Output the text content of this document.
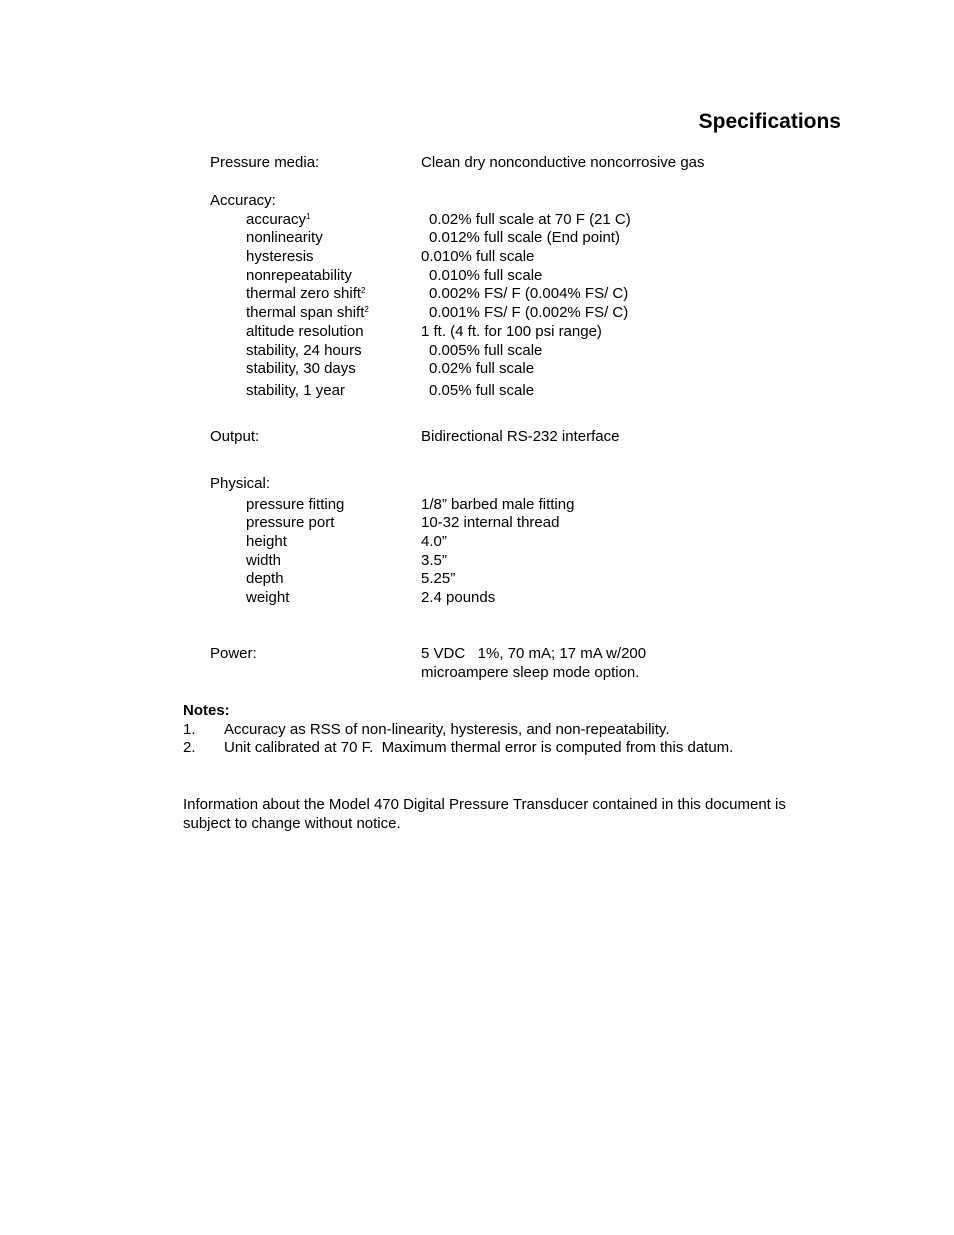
Specifications
Pressure media:	Clean dry nonconductive noncorrosive gas
Accuracy:
accuracy$^1$	0.02% full scale at 70 F (21 C)
nonlinearity	0.012% full scale (End point)
hysteresis	0.010% full scale
nonrepeatability	0.010% full scale
thermal zero shift$^2$	0.002% FS/ F (0.004% FS/ C)
thermal span shift$^2$	0.001% FS/ F (0.002% FS/ C)
altitude resolution	1 ft. (4 ft. for 100 psi range)
stability, 24 hours	0.005% full scale
stability, 30 days	0.02% full scale
stability, 1 year	0.05% full scale
Output:	Bidirectional RS-232 interface
Physical:
pressure fitting	1/8” barbed male fitting
pressure port	10-32 internal thread
height	4.0”
width	3.5”
depth	5.25”
weight	2.4 pounds
Power:	5 VDC   1%, 70 mA; 17 mA w/200
microampere sleep mode option.
Notes:
1. Accuracy as RSS of non-linearity, hysteresis, and non-repeatability.
2. Unit calibrated at 70 F.  Maximum thermal error is computed from this datum.

Information about the Model 470 Digital Pressure Transducer contained in this document is subject to change without notice.
